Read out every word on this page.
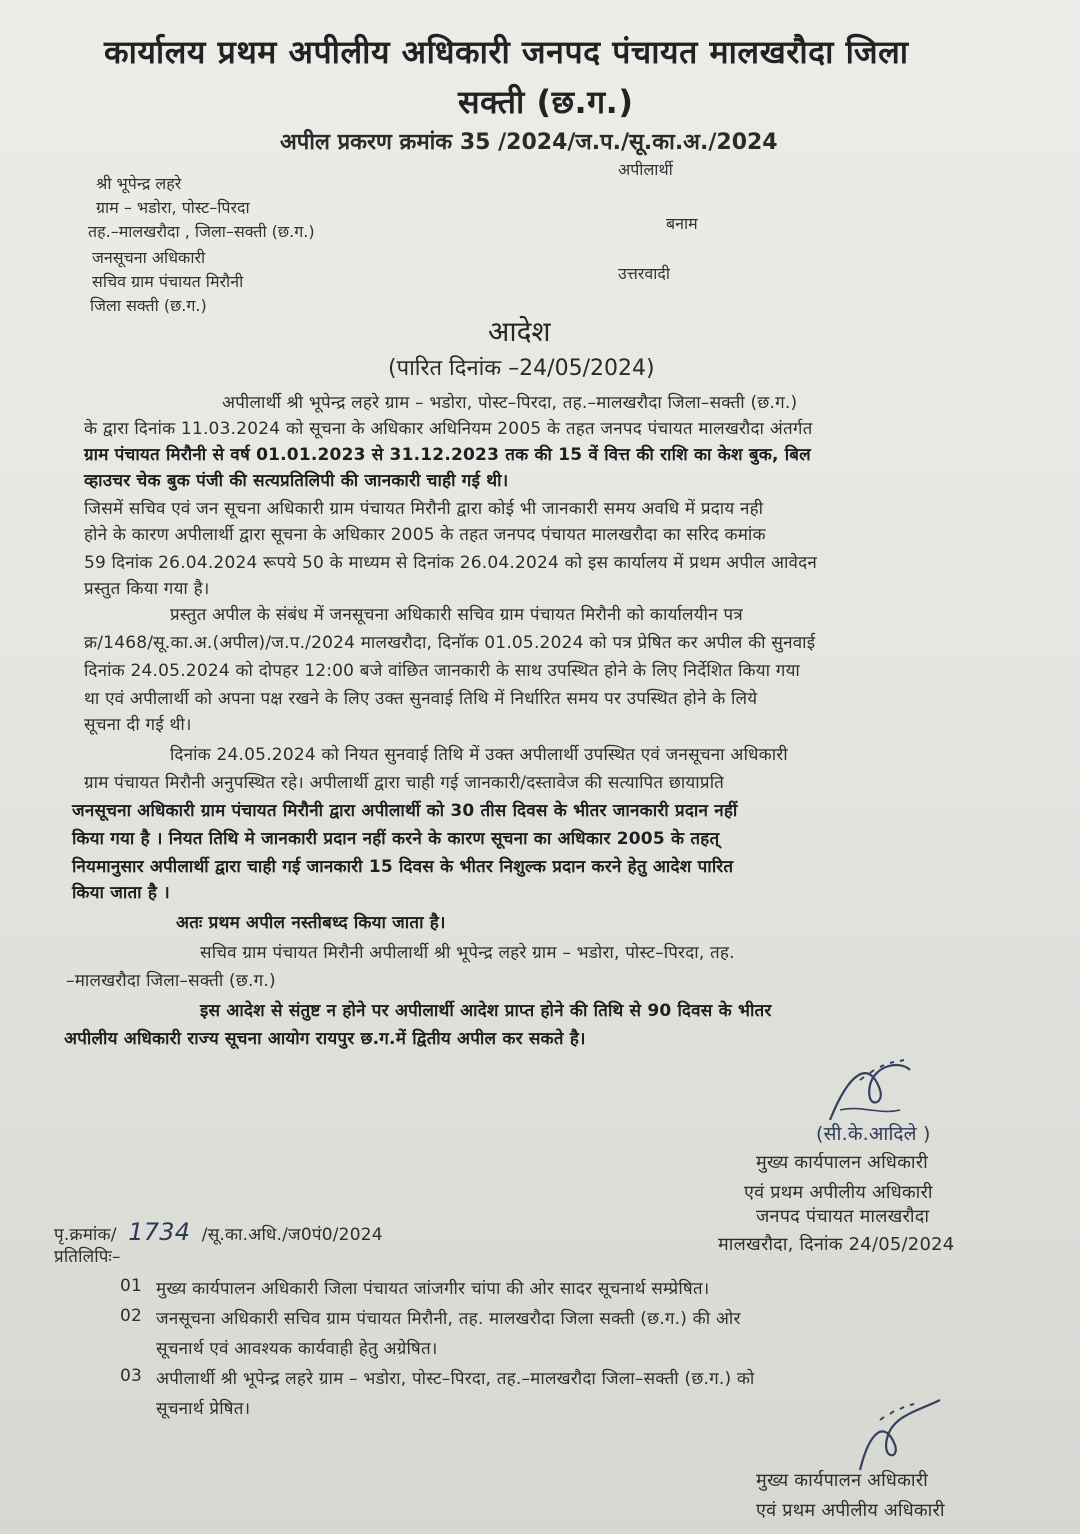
कार्यालय प्रथम अपीलीय अधिकारी जनपद पंचायत मालखरौदा जिला
सक्ती (छ.ग.)
अपील प्रकरण क्रमांक 35 /2024/ज.प./सू.का.अ./2024
श्री भूपेन्द्र लहरे
ग्राम – भडोरा, पोस्ट–पिरदा
तह.–मालखरौदा , जिला–सक्ती (छ.ग.)
अपीलार्थी
बनाम
जनसूचना अधिकारी
सचिव ग्राम पंचायत मिरौनी
जिला सक्ती (छ.ग.)
उत्तरवादी
आदेश
(पारित दिनांक –24/05/2024)
अपीलार्थी श्री भूपेन्द्र लहरे ग्राम – भडोरा, पोस्ट–पिरदा, तह.–मालखरौदा जिला–सक्ती (छ.ग.)
के द्वारा दिनांक 11.03.2024 को सूचना के अधिकार अधिनियम 2005 के तहत जनपद पंचायत मालखरौदा अंतर्गत
ग्राम पंचायत मिरौनी से वर्ष 01.01.2023 से 31.12.2023 तक की 15 वें वित्त की राशि का केश बुक, बिल
व्हाउचर चेक बुक पंजी की सत्यप्रतिलिपी की जानकारी चाही गई थी।
जिसमें सचिव एवं जन सूचना अधिकारी ग्राम पंचायत मिरौनी द्वारा कोई भी जानकारी समय अवधि में प्रदाय नही
होने के कारण अपीलार्थी द्वारा सूचना के अधिकार 2005 के तहत जनपद पंचायत मालखरौदा का सरिद कमांक
59 दिनांक 26.04.2024 रूपये 50 के माध्यम से दिनांक 26.04.2024 को इस कार्यालय में प्रथम अपील आवेदन
प्रस्तुत किया गया है।
प्रस्तुत अपील के संबंध में जनसूचना अधिकारी सचिव ग्राम पंचायत मिरौनी को कार्यालयीन पत्र
क्र/1468/सू.का.अ.(अपील)/ज.प./2024 मालखरौदा, दिनॉक 01.05.2024 को पत्र प्रेषित कर अपील की सुनवाई
दिनांक 24.05.2024 को दोपहर 12:00 बजे वांछित जानकारी के साथ उपस्थित होने के लिए निर्देशित किया गया
था एवं अपीलार्थी को अपना पक्ष रखने के लिए उक्त सुनवाई तिथि में निर्धारित समय पर उपस्थित होने के लिये
सूचना दी गई थी।
दिनांक 24.05.2024 को नियत सुनवाई तिथि में उक्त अपीलार्थी उपस्थित एवं जनसूचना अधिकारी
ग्राम पंचायत मिरौनी अनुपस्थित रहे। अपीलार्थी द्वारा चाही गई जानकारी/दस्तावेज की सत्यापित छायाप्रति
जनसूचना अधिकारी ग्राम पंचायत मिरौनी द्वारा अपीलार्थी को 30 तीस दिवस के भीतर जानकारी प्रदान नहीं
किया गया है । नियत तिथि मे जानकारी प्रदान नहीं करने के कारण सूचना का अधिकार 2005 के तहत्
नियमानुसार अपीलार्थी द्वारा चाही गई जानकारी 15 दिवस के भीतर निशुल्क प्रदान करने हेतु आदेश पारित
किया जाता है ।
अतः प्रथम अपील नस्तीबध्द किया जाता है।
सचिव ग्राम पंचायत मिरौनी अपीलार्थी श्री भूपेन्द्र लहरे ग्राम – भडोरा, पोस्ट–पिरदा, तह.
–मालखरौदा जिला–सक्ती (छ.ग.)
इस आदेश से संतुष्ट न होने पर अपीलार्थी आदेश प्राप्त होने की तिथि से 90 दिवस के भीतर
अपीलीय अधिकारी राज्य सूचना आयोग रायपुर छ.ग.में द्वितीय अपील कर सकते है।
(सी.के.आदिले )
मुख्य कार्यपालन अधिकारी
एवं प्रथम अपीलीय अधिकारी
जनपद पंचायत मालखरौदा
मालखरौदा, दिनांक 24/05/2024
पृ.क्रमांक/ 1734 /सू.का.अधि./ज0पं0/2024
प्रतिलिपिः–
01 मुख्य कार्यपालन अधिकारी जिला पंचायत जांजगीर चांपा की ओर सादर सूचनार्थ सम्प्रेषित।
02 जनसूचना अधिकारी सचिव ग्राम पंचायत मिरौनी, तह. मालखरौदा जिला सक्ती (छ.ग.) की ओर
सूचनार्थ एवं आवश्यक कार्यवाही हेतु अग्रेषित।
03 अपीलार्थी श्री भूपेन्द्र लहरे ग्राम – भडोरा, पोस्ट–पिरदा, तह.–मालखरौदा जिला–सक्ती (छ.ग.) को
सूचनार्थ प्रेषित।
मुख्य कार्यपालन अधिकारी
एवं प्रथम अपीलीय अधिकारी
